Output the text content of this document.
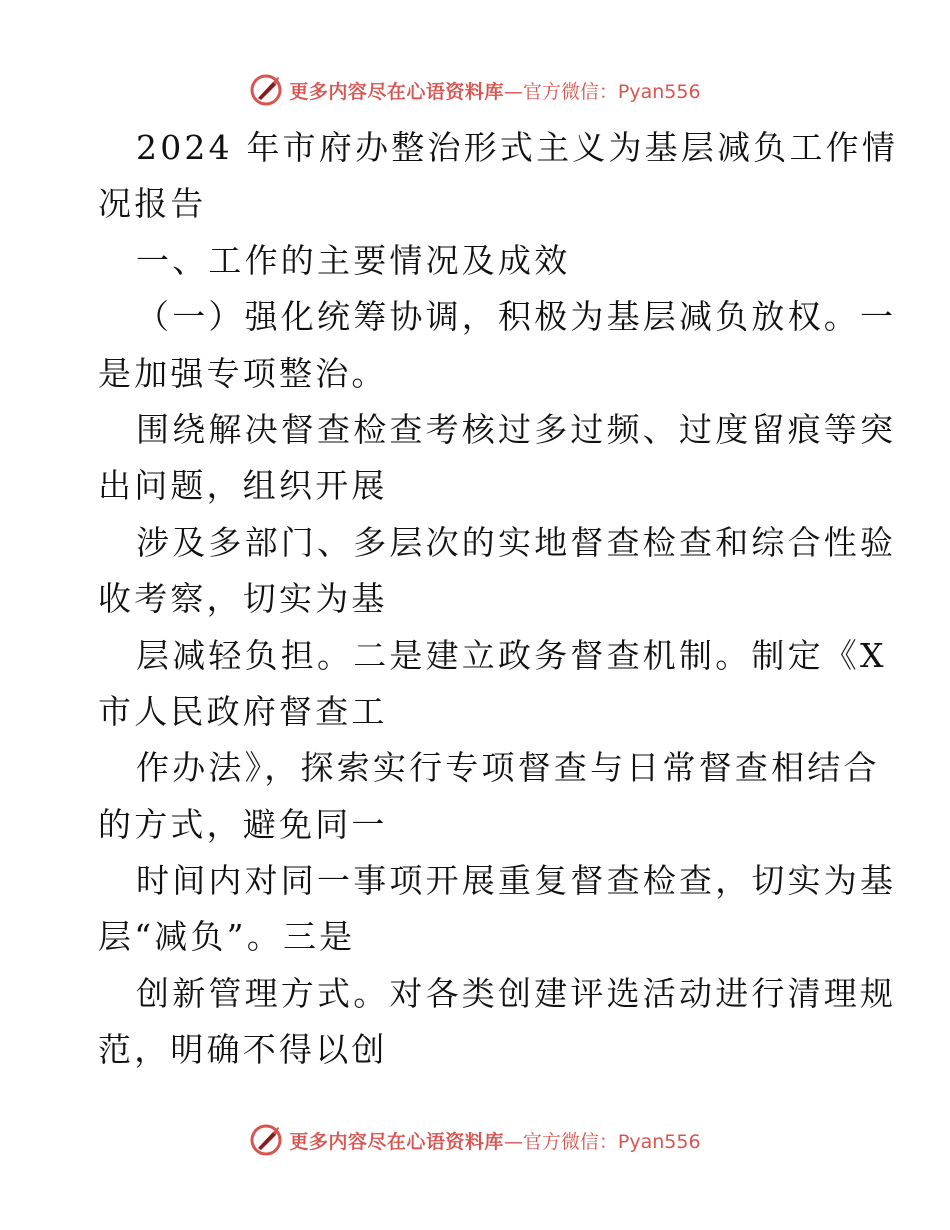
更多内容尽在心语资料库 —官方微信：Pyan556
2024 年市府办整治形式主义为基层减负工作情
况报告
一、工作的主要情况及成效
（一）强化统筹协调，积极为基层减负放权。一
是加强专项整治。
围绕解决督查检查考核过多过频、过度留痕等突
出问题，组织开展
涉及多部门、多层次的实地督查检查和综合性验
收考察，切实为基
层减轻负担。二是建立政务督查机制。制定《X
市人民政府督查工
作办法》，探索实行专项督查与日常督查相结合
的方式，避免同一
时间内对同一事项开展重复督查检查，切实为基
层“减负”。三是
创新管理方式。对各类创建评选活动进行清理规
范，明确不得以创
更多内容尽在心语资料库 —官方微信：Pyan556
